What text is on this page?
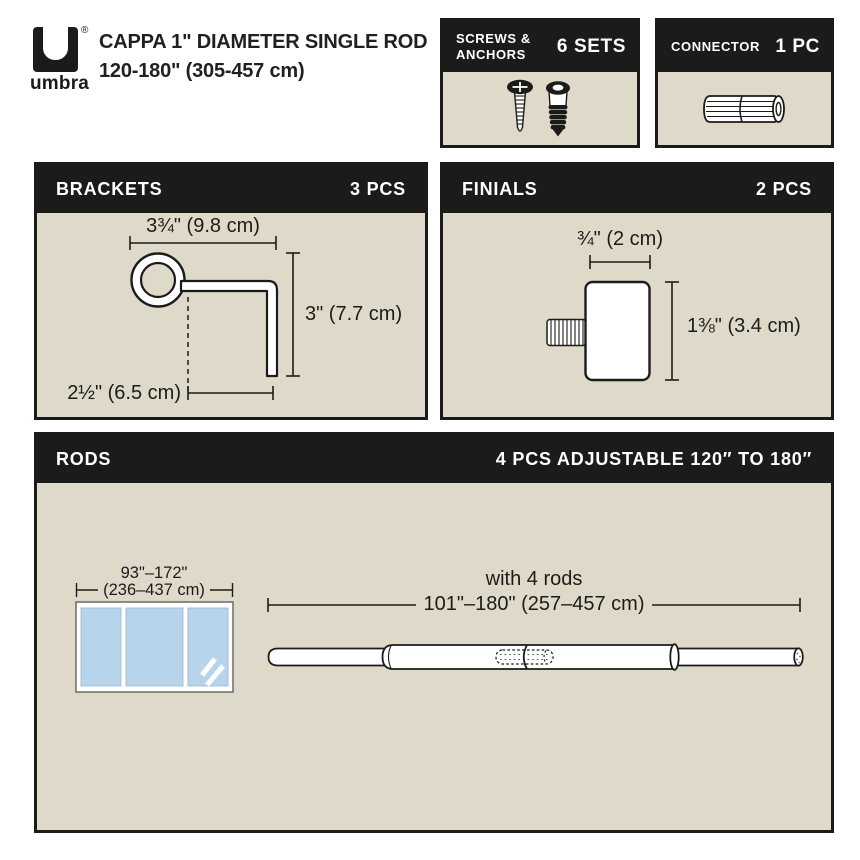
®
umbra
CAPPA 1" DIAMETER SINGLE ROD
120-180" (305-457 cm)
SCREWS &
ANCHORS 6 SETS	CONNECTOR 1 PC
BRACKETS	3 PCS
3¾" (9.8 cm)
3" (7.7 cm)
2½" (6.5 cm)
FINIALS	2 PCS
¾" (2 cm)
1⅜" (3.4 cm)
RODS	4 PCS ADJUSTABLE 120″ TO 180″
93"–172"
(236–437 cm)	with 4 rods
101"–180" (257–457 cm)
